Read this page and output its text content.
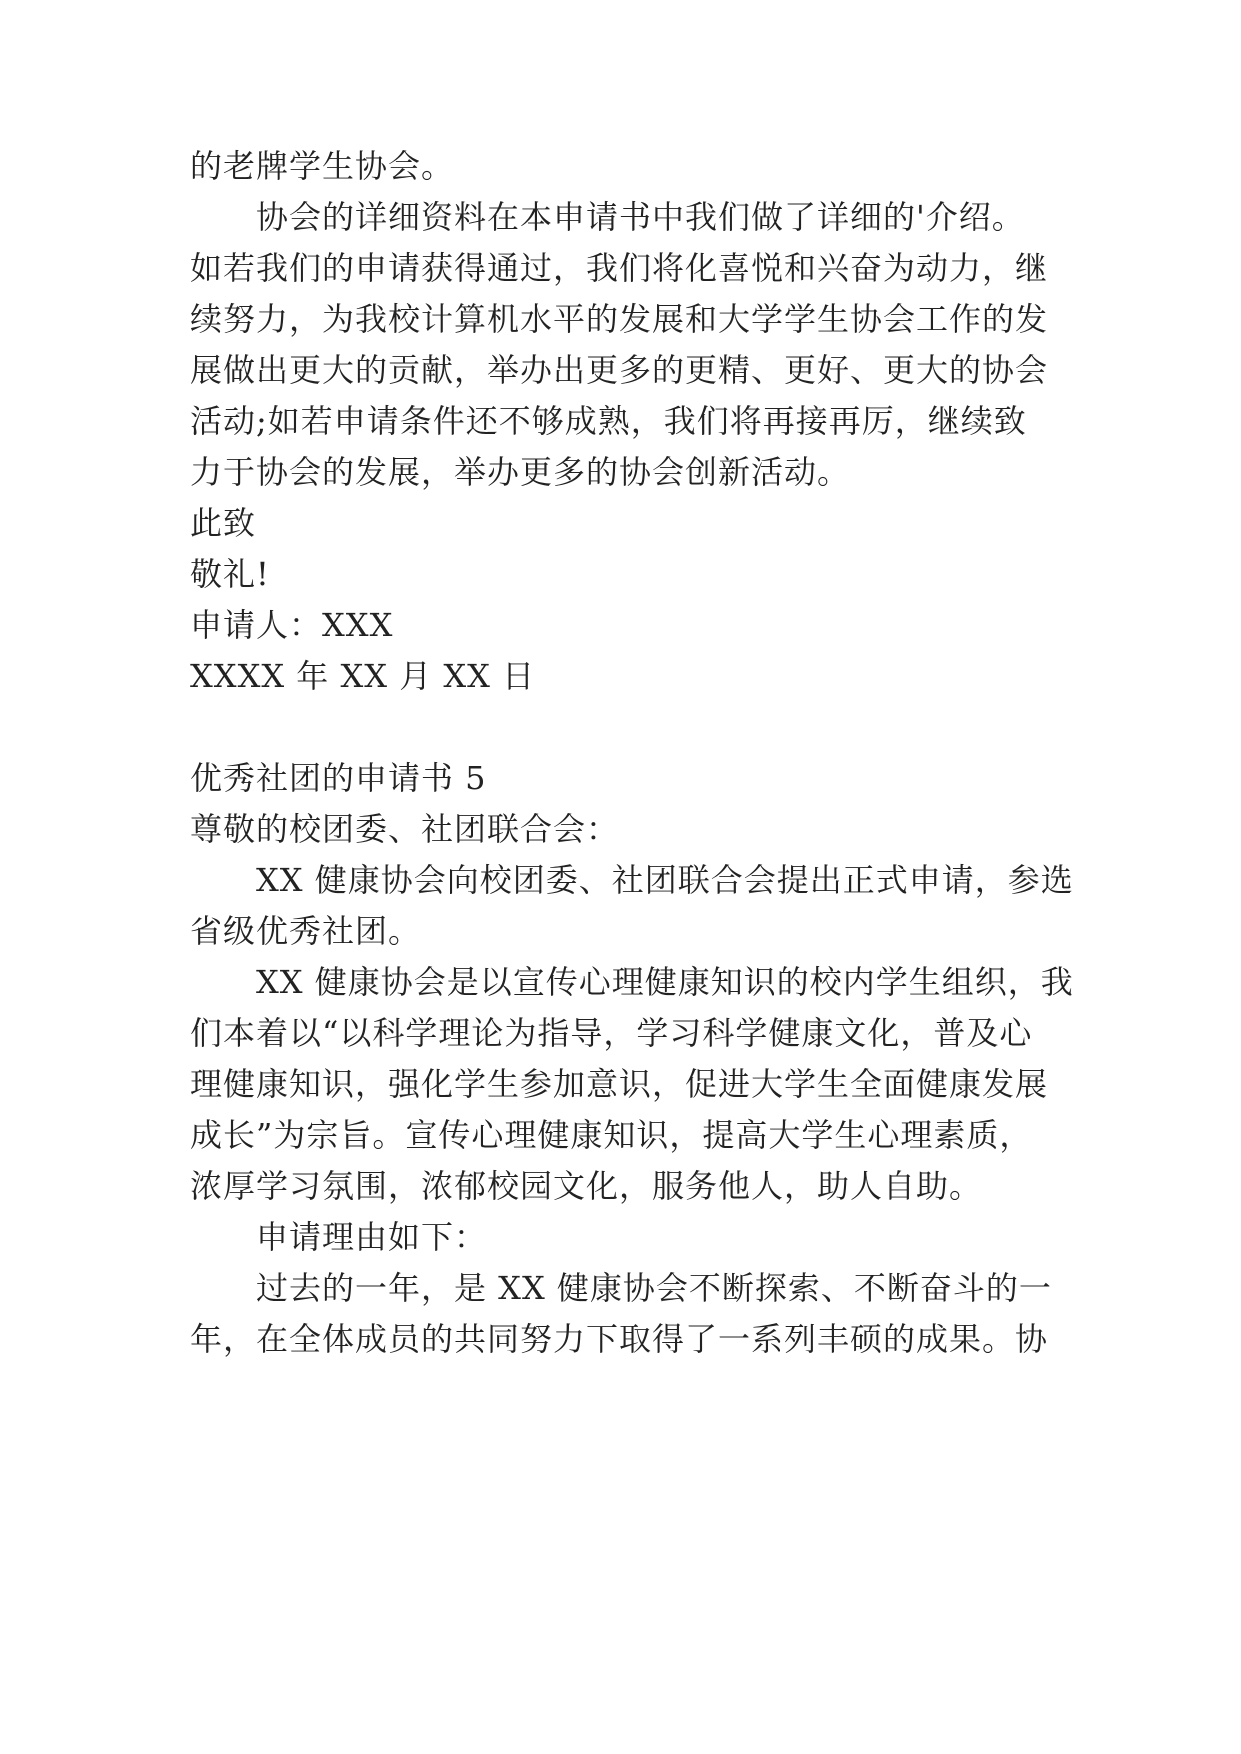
的老牌学生协会。
协会的详细资料在本申请书中我们做了详细的'介绍。
如若我们的申请获得通过，我们将化喜悦和兴奋为动力，继
续努力，为我校计算机水平的发展和大学学生协会工作的发
展做出更大的贡献，举办出更多的更精、更好、更大的协会
活动;如若申请条件还不够成熟，我们将再接再厉，继续致
力于协会的发展，举办更多的协会创新活动。
此致
敬礼!
申请人：XXX
XXXX 年 XX 月 XX 日
优秀社团的申请书 5
尊敬的校团委、社团联合会：
XX 健康协会向校团委、社团联合会提出正式申请，参选
省级优秀社团。
XX 健康协会是以宣传心理健康知识的校内学生组织，我
们本着以“以科学理论为指导，学习科学健康文化，普及心
理健康知识，强化学生参加意识，促进大学生全面健康发展
成长”为宗旨。宣传心理健康知识，提高大学生心理素质，
浓厚学习氛围，浓郁校园文化，服务他人，助人自助。
申请理由如下：
过去的一年，是 XX 健康协会不断探索、不断奋斗的一
年，在全体成员的共同努力下取得了一系列丰硕的成果。协
